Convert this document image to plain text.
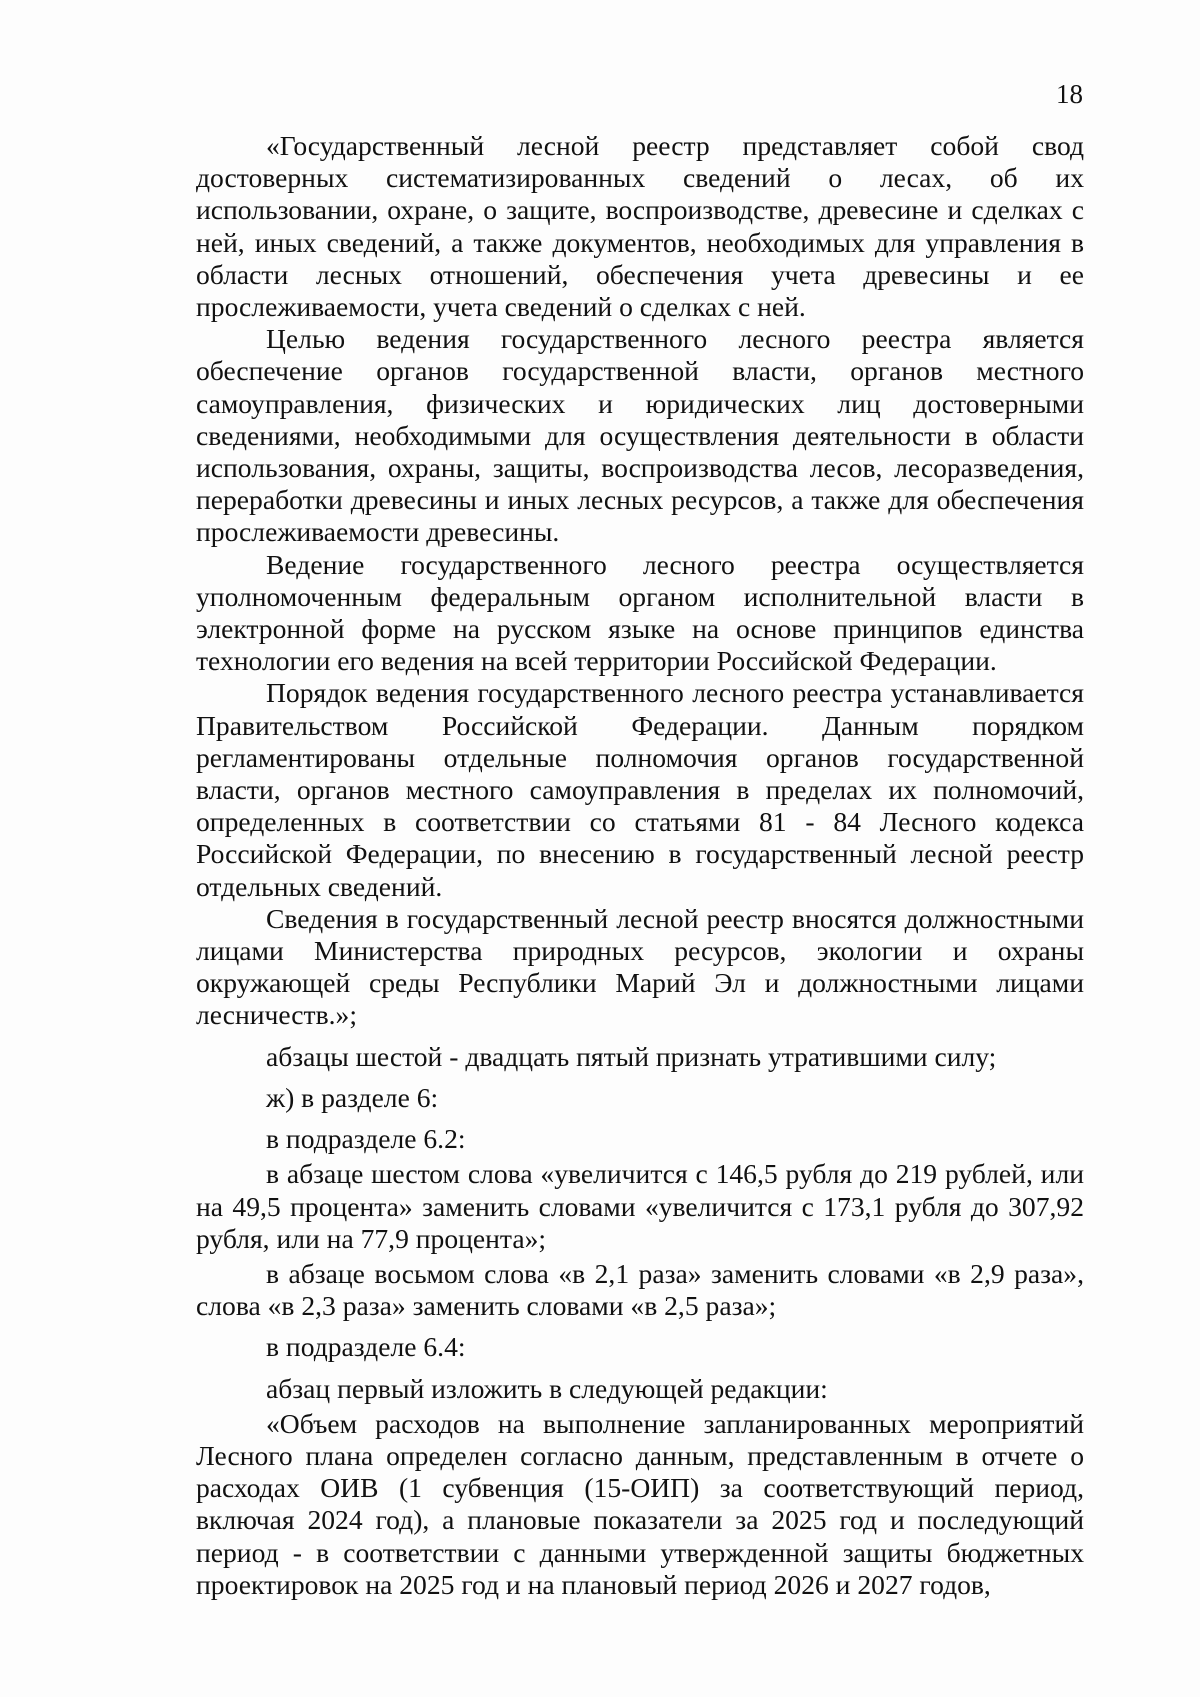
18

«Государственный лесной реестр представляет собой свод достоверных систематизированных сведений о лесах, об их использовании, охране, о защите, воспроизводстве, древесине и сделках с ней, иных сведений, а также документов, необходимых для управления в области лесных отношений, обеспечения учета древесины и ее прослеживаемости, учета сведений о сделках с ней.

Целью ведения государственного лесного реестра является обеспечение органов государственной власти, органов местного самоуправления, физических и юридических лиц достоверными сведениями, необходимыми для осуществления деятельности в области использования, охраны, защиты, воспроизводства лесов, лесоразведения, переработки древесины и иных лесных ресурсов, а также для обеспечения прослеживаемости древесины.

Ведение государственного лесного реестра осуществляется уполномоченным федеральным органом исполнительной власти в электронной форме на русском языке на основе принципов единства технологии его ведения на всей территории Российской Федерации.

Порядок ведения государственного лесного реестра устанавливается Правительством Российской Федерации. Данным порядком регламентированы отдельные полномочия органов государственной власти, органов местного самоуправления в пределах их полномочий, определенных в соответствии со статьями 81 - 84 Лесного кодекса Российской Федерации, по внесению в государственный лесной реестр отдельных сведений.

Сведения в государственный лесной реестр вносятся должностными лицами Министерства природных ресурсов, экологии и охраны окружающей среды Республики Марий Эл и должностными лицами лесничеств.»;

абзацы шестой - двадцать пятый признать утратившими силу;

ж) в разделе 6:

в подразделе 6.2:

в абзаце шестом слова «увеличится с 146,5 рубля до 219 рублей, или на 49,5 процента» заменить словами «увеличится с 173,1 рубля до 307,92 рубля, или на 77,9 процента»;

в абзаце восьмом слова «в 2,1 раза» заменить словами «в 2,9 раза», слова «в 2,3 раза» заменить словами «в 2,5 раза»;

в подразделе 6.4:

абзац первый изложить в следующей редакции:

«Объем расходов на выполнение запланированных мероприятий Лесного плана определен согласно данным, представленным в отчете о расходах ОИВ (1 субвенция (15-ОИП) за соответствующий период, включая 2024 год), а плановые показатели за 2025 год и последующий период - в соответствии с данными утвержденной защиты бюджетных проектировок на 2025 год и на плановый период 2026 и 2027 годов,
